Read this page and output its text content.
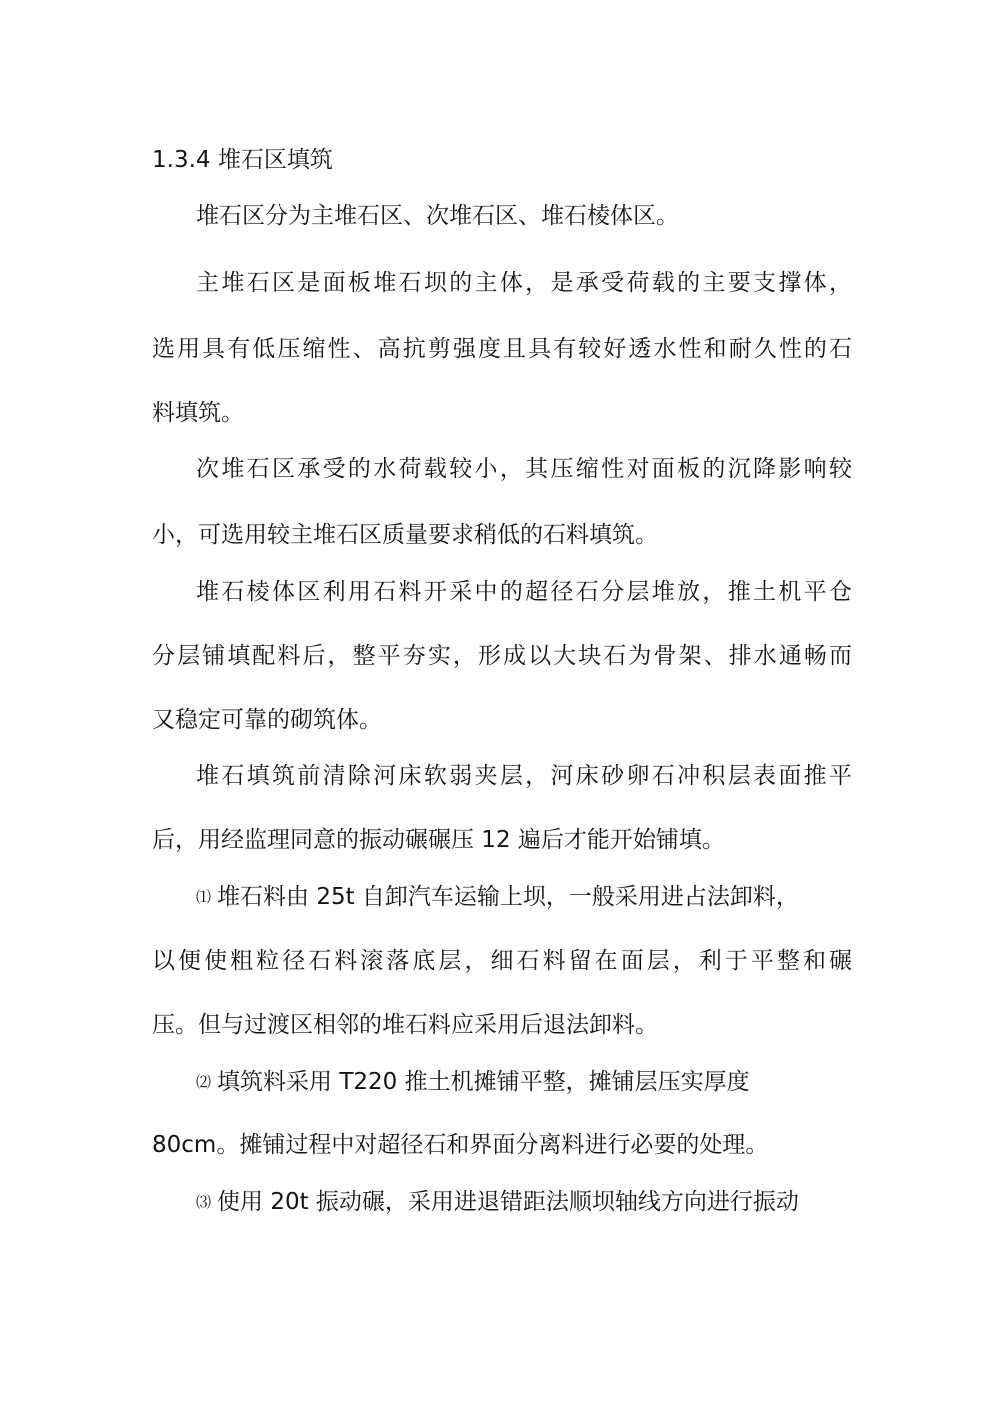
1.3.4 堆石区填筑
堆石区分为主堆石区、次堆石区、堆石棱体区。
主堆石区是面板堆石坝的主体，是承受荷载的主要支撑体，
选用具有低压缩性、高抗剪强度且具有较好透水性和耐久性的石
料填筑。
次堆石区承受的水荷载较小，其压缩性对面板的沉降影响较
小，可选用较主堆石区质量要求稍低的石料填筑。
堆石棱体区利用石料开采中的超径石分层堆放，推土机平仓
分层铺填配料后，整平夯实，形成以大块石为骨架、排水通畅而
又稳定可靠的砌筑体。
堆石填筑前清除河床软弱夹层，河床砂卵石冲积层表面推平
后，用经监理同意的振动碾碾压 12 遍后才能开始铺填。
⑴ 堆石料由 25t 自卸汽车运输上坝，一般采用进占法卸料，
以便使粗粒径石料滚落底层，细石料留在面层，利于平整和碾
压。但与过渡区相邻的堆石料应采用后退法卸料。
⑵ 填筑料采用 T220 推土机摊铺平整，摊铺层压实厚度
80cm。摊铺过程中对超径石和界面分离料进行必要的处理。
⑶ 使用 20t 振动碾，采用进退错距法顺坝轴线方向进行振动
